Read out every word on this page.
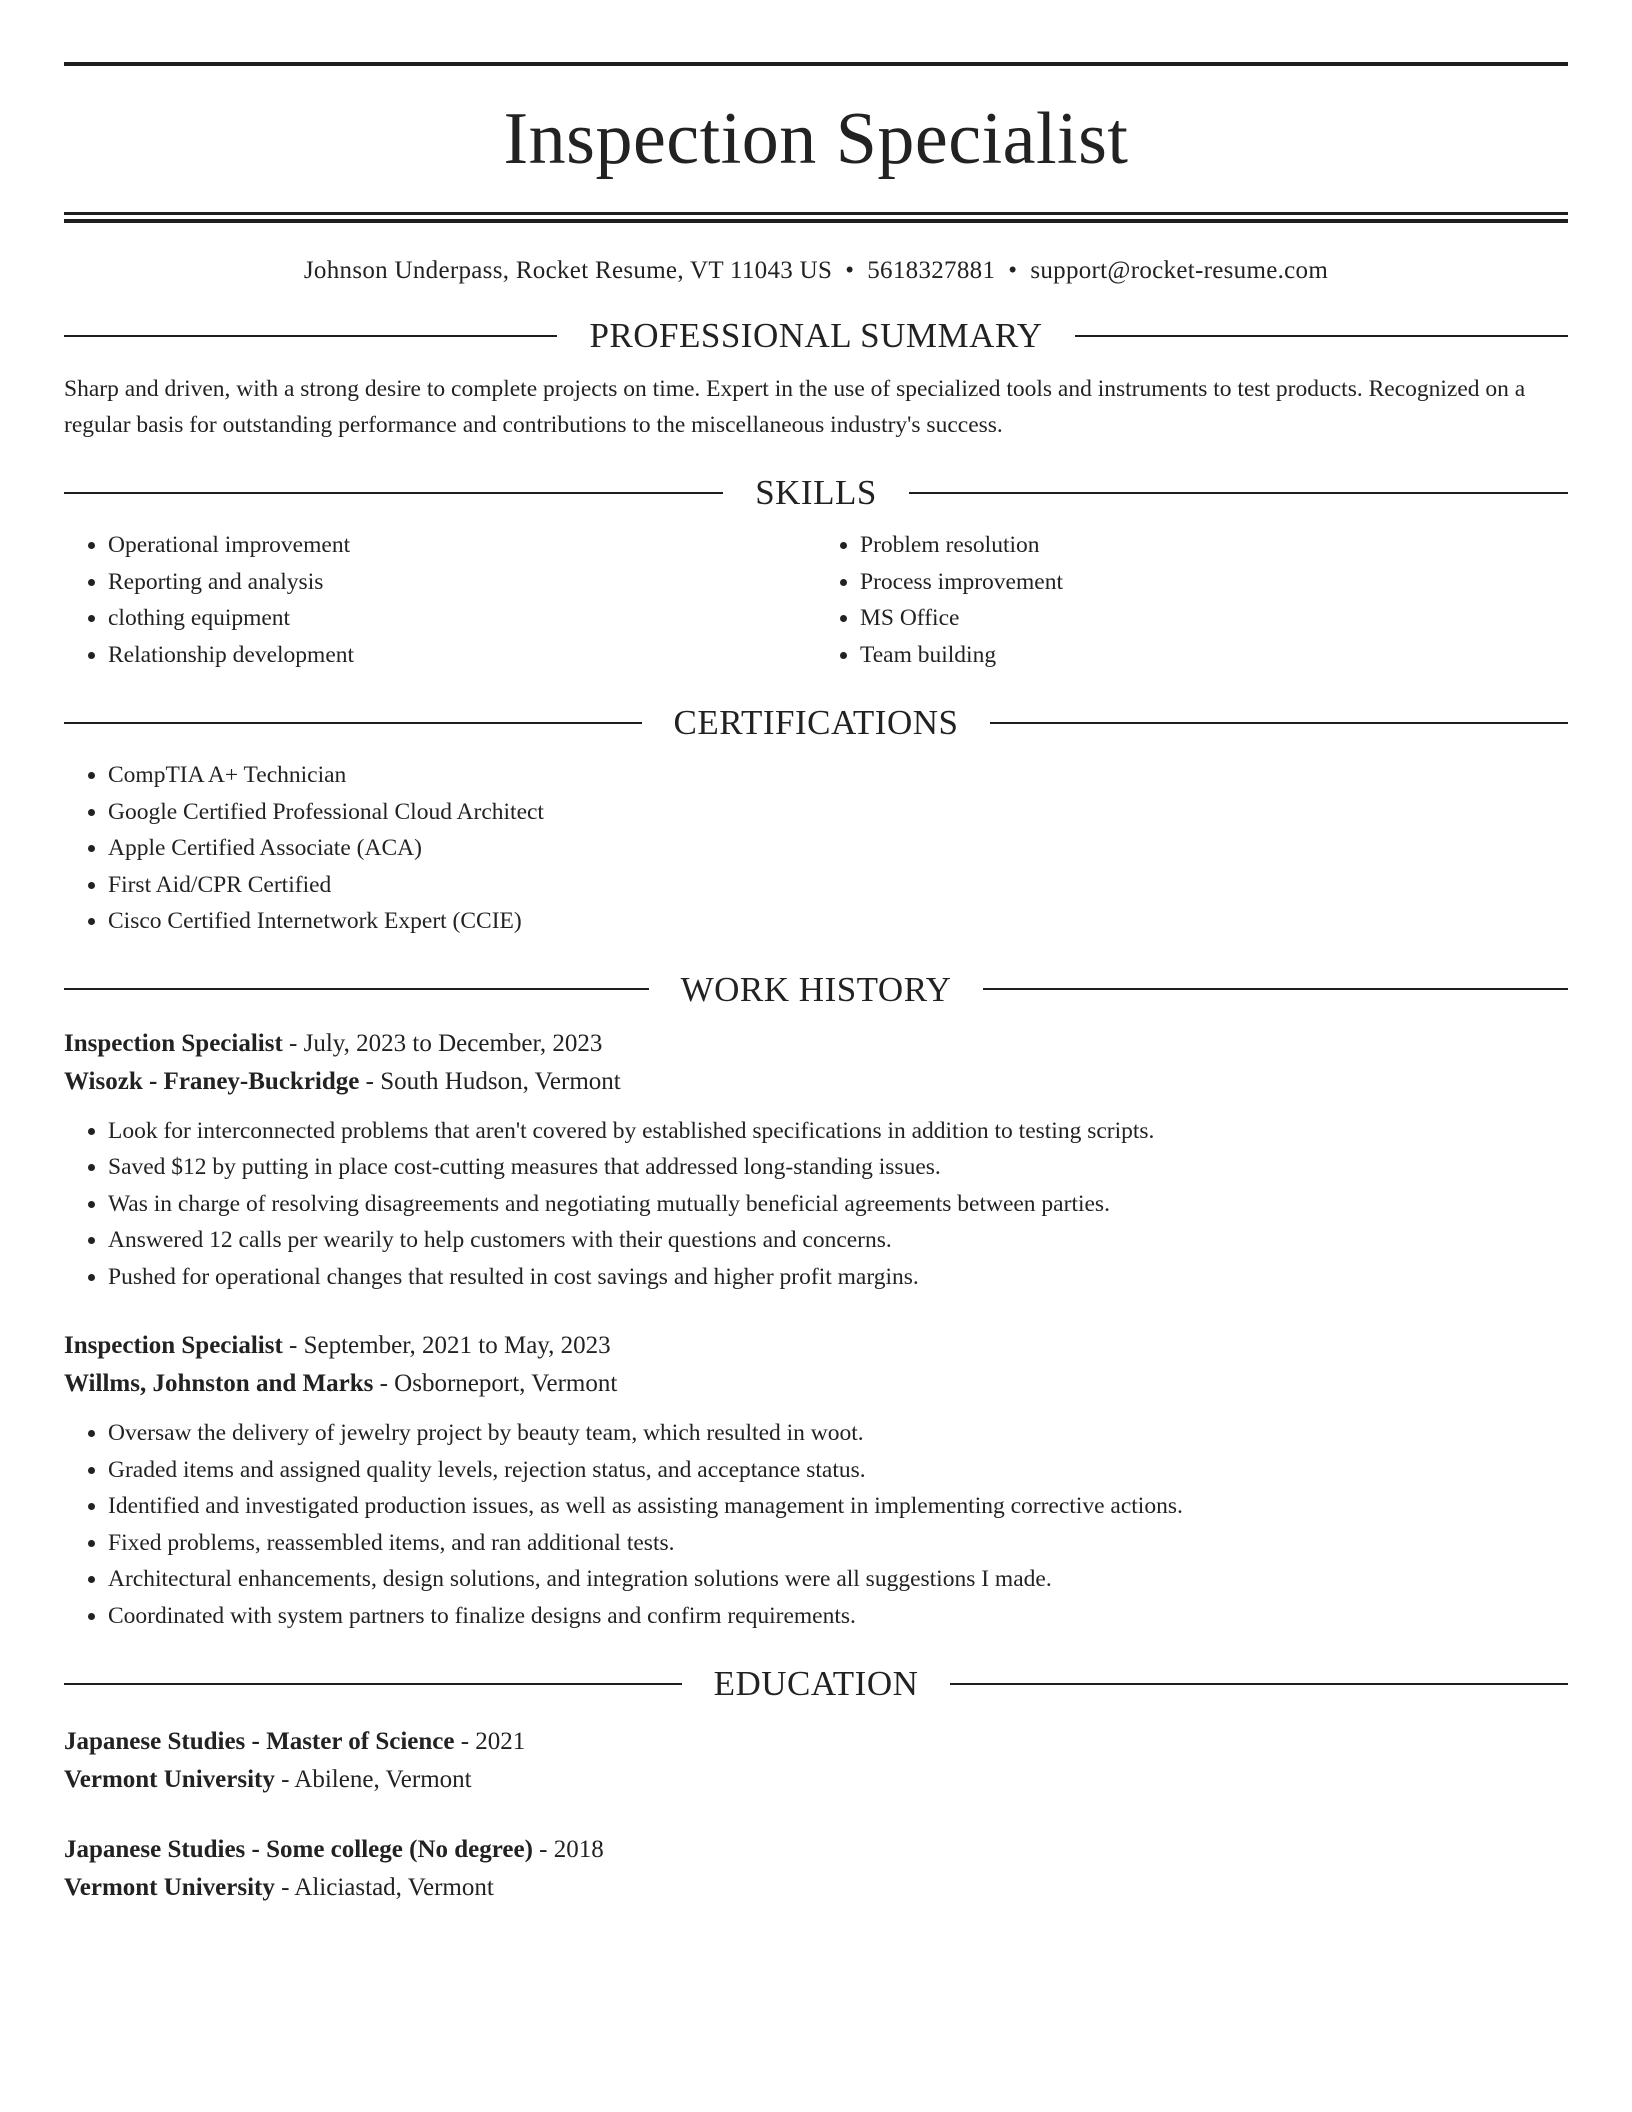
Inspection Specialist
Johnson Underpass, Rocket Resume, VT 11043 US • 5618327881 • support@rocket-resume.com
PROFESSIONAL SUMMARY
Sharp and driven, with a strong desire to complete projects on time. Expert in the use of specialized tools and instruments to test products. Recognized on a regular basis for outstanding performance and contributions to the miscellaneous industry's success.
SKILLS
• Operational improvement
• Reporting and analysis
• clothing equipment
• Relationship development
• Problem resolution
• Process improvement
• MS Office
• Team building
CERTIFICATIONS
• CompTIA A+ Technician
• Google Certified Professional Cloud Architect
• Apple Certified Associate (ACA)
• First Aid/CPR Certified
• Cisco Certified Internetwork Expert (CCIE)
WORK HISTORY
Inspection Specialist - July, 2023 to December, 2023
Wisozk - Franey-Buckridge - South Hudson, Vermont
• Look for interconnected problems that aren't covered by established specifications in addition to testing scripts.
• Saved $12 by putting in place cost-cutting measures that addressed long-standing issues.
• Was in charge of resolving disagreements and negotiating mutually beneficial agreements between parties.
• Answered 12 calls per wearily to help customers with their questions and concerns.
• Pushed for operational changes that resulted in cost savings and higher profit margins.
Inspection Specialist - September, 2021 to May, 2023
Willms, Johnston and Marks - Osborneport, Vermont
• Oversaw the delivery of jewelry project by beauty team, which resulted in woot.
• Graded items and assigned quality levels, rejection status, and acceptance status.
• Identified and investigated production issues, as well as assisting management in implementing corrective actions.
• Fixed problems, reassembled items, and ran additional tests.
• Architectural enhancements, design solutions, and integration solutions were all suggestions I made.
• Coordinated with system partners to finalize designs and confirm requirements.
EDUCATION
Japanese Studies - Master of Science - 2021
Vermont University - Abilene, Vermont
Japanese Studies - Some college (No degree) - 2018
Vermont University - Aliciastad, Vermont
